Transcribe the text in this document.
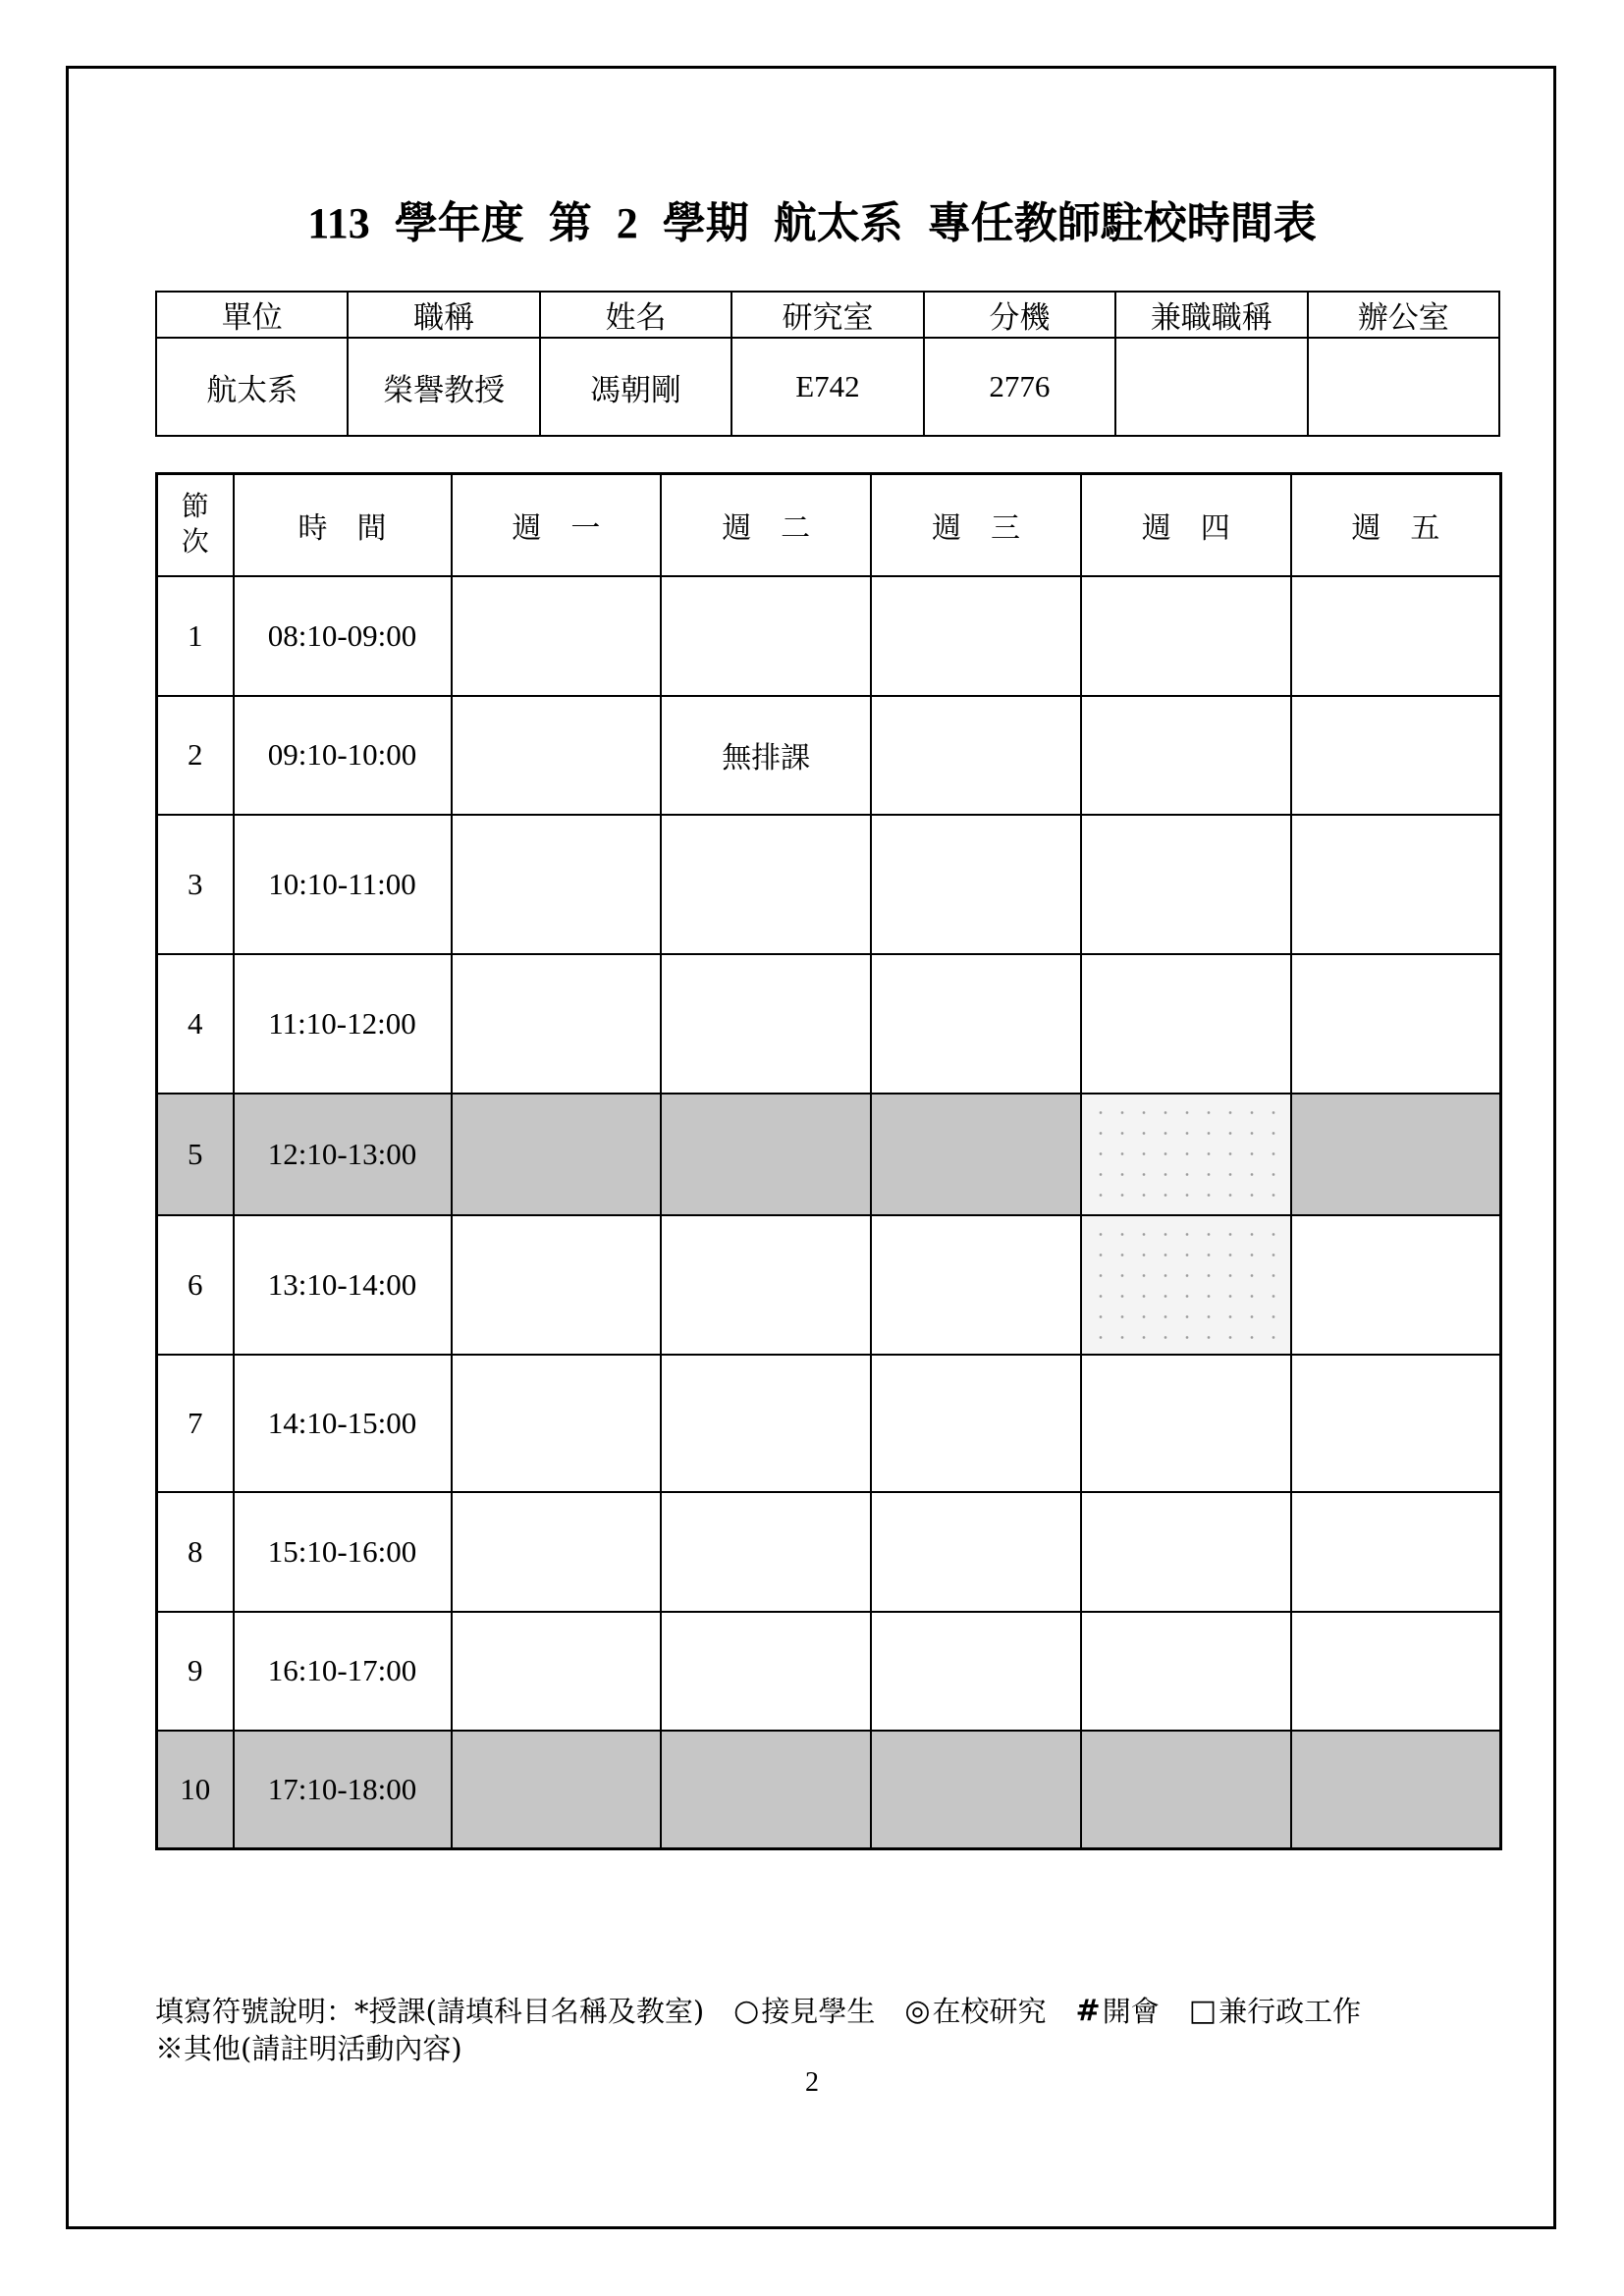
113 學年度 第 2 學期 航太系 專任教師駐校時間表
單位	職稱	姓名	研究室	分機	兼職職稱	辦公室
航太系	榮譽教授	馮朝剛	E742	2776		
節次	時　間	週　一	週　二	週　三	週　四	週　五
1	08:10-09:00					
2	09:10-10:00		無排課			
3	10:10-11:00					
4	11:10-12:00					
5	12:10-13:00					
6	13:10-14:00					
7	14:10-15:00					
8	15:10-16:00					
9	16:10-17:00					
10	17:10-18:00					
填寫符號說明：*授課(請填科目名稱及教室) ○ 接見學生 ◎ 在校研究 # 開會 □ 兼行政工作
※其他(請註明活動內容)
2
